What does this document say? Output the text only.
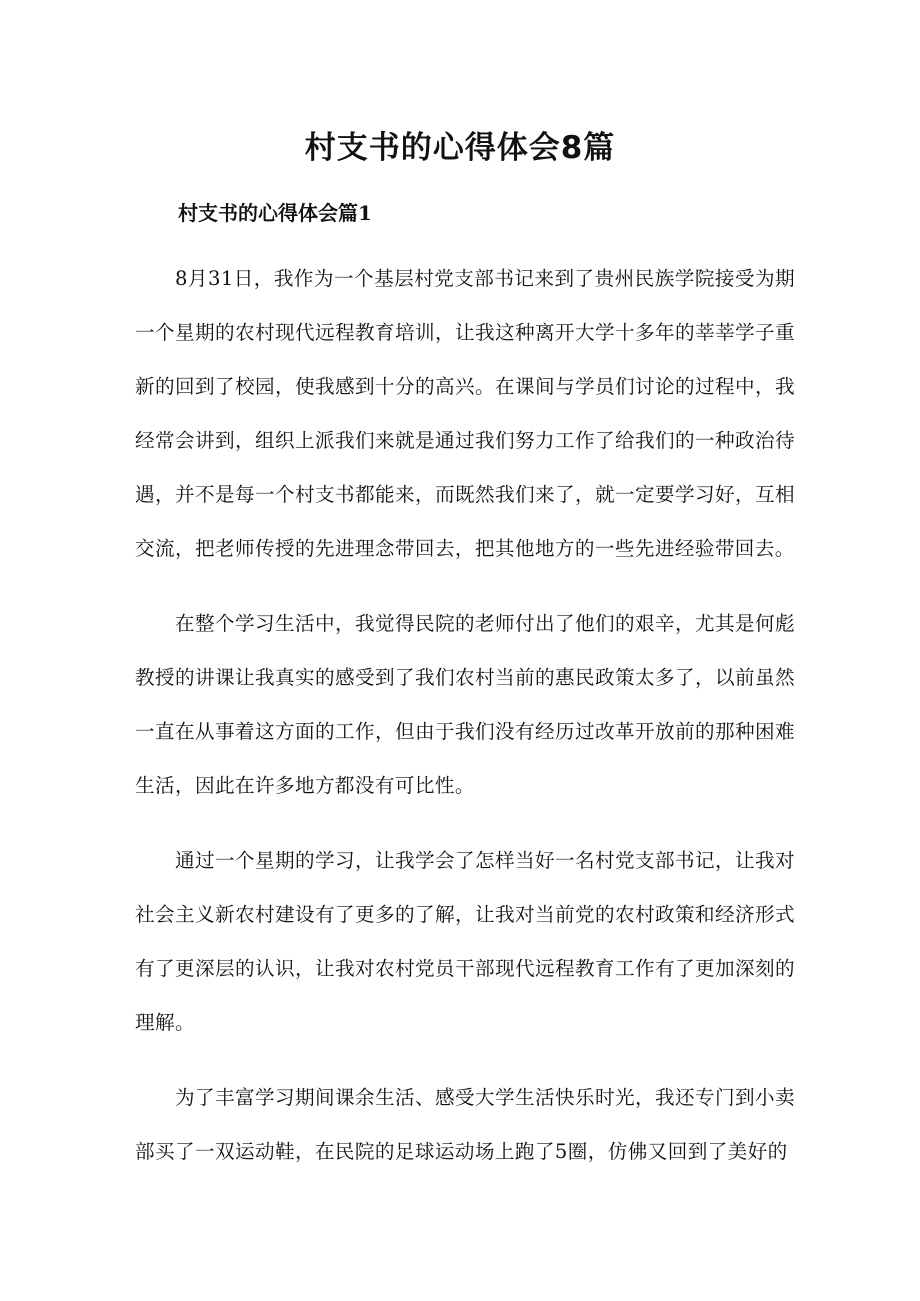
村支书的心得体会8篇
村支书的心得体会篇1

8月31日，我作为一个基层村党支部书记来到了贵州民族学院接受为期一个星期的农村现代远程教育培训，让我这种离开大学十多年的莘莘学子重新的回到了校园，使我感到十分的高兴。在课间与学员们讨论的过程中，我经常会讲到，组织上派我们来就是通过我们努力工作了给我们的一种政治待遇，并不是每一个村支书都能来，而既然我们来了，就一定要学习好，互相交流，把老师传授的先进理念带回去，把其他地方的一些先进经验带回去。

在整个学习生活中，我觉得民院的老师付出了他们的艰辛，尤其是何彪教授的讲课让我真实的感受到了我们农村当前的惠民政策太多了，以前虽然一直在从事着这方面的工作，但由于我们没有经历过改革开放前的那种困难生活，因此在许多地方都没有可比性。

通过一个星期的学习，让我学会了怎样当好一名村党支部书记，让我对社会主义新农村建设有了更多的了解，让我对当前党的农村政策和经济形式有了更深层的认识，让我对农村党员干部现代远程教育工作有了更加深刻的理解。

为了丰富学习期间课余生活、感受大学生活快乐时光，我还专门到小卖部买了一双运动鞋，在民院的足球运动场上跑了5圈，仿佛又回到了美好的
